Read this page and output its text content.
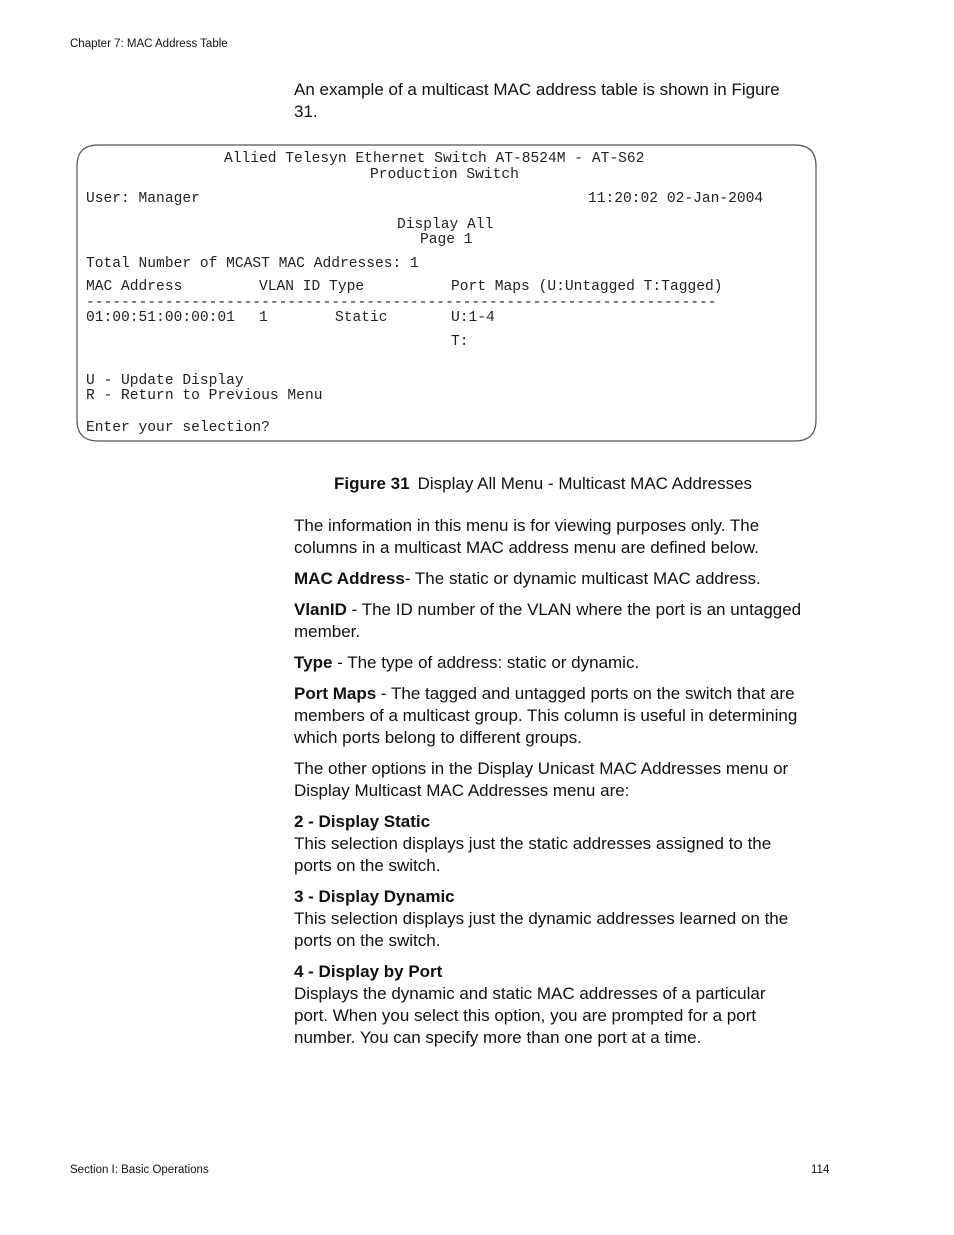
Chapter 7: MAC Address Table
An example of a multicast MAC address table is shown in Figure 31.
Allied Telesyn Ethernet Switch AT-8524M - AT-S62
Production Switch
User: Manager	11:20:02 02-Jan-2004
Display All
Page 1
Total Number of MCAST MAC Addresses: 1
MAC Address	VLAN ID Type	Port Maps (U:Untagged T:Tagged)
------------------------------------------------------------------------
01:00:51:00:00:01 1	Static	U:1-4
T:
U - Update Display
R - Return to Previous Menu
Enter your selection?
Figure 31 Display All Menu - Multicast MAC Addresses
The information in this menu is for viewing purposes only. The columns in a multicast MAC address menu are defined below.
MAC Address- The static or dynamic multicast MAC address.
VlanID - The ID number of the VLAN where the port is an untagged member.
Type - The type of address: static or dynamic.
Port Maps - The tagged and untagged ports on the switch that are members of a multicast group. This column is useful in determining which ports belong to different groups.
The other options in the Display Unicast MAC Addresses menu or Display Multicast MAC Addresses menu are:
2 - Display Static
This selection displays just the static addresses assigned to the ports on the switch.
3 - Display Dynamic
This selection displays just the dynamic addresses learned on the ports on the switch.
4 - Display by Port
Displays the dynamic and static MAC addresses of a particular port. When you select this option, you are prompted for a port number. You can specify more than one port at a time.
Section I: Basic Operations	114
